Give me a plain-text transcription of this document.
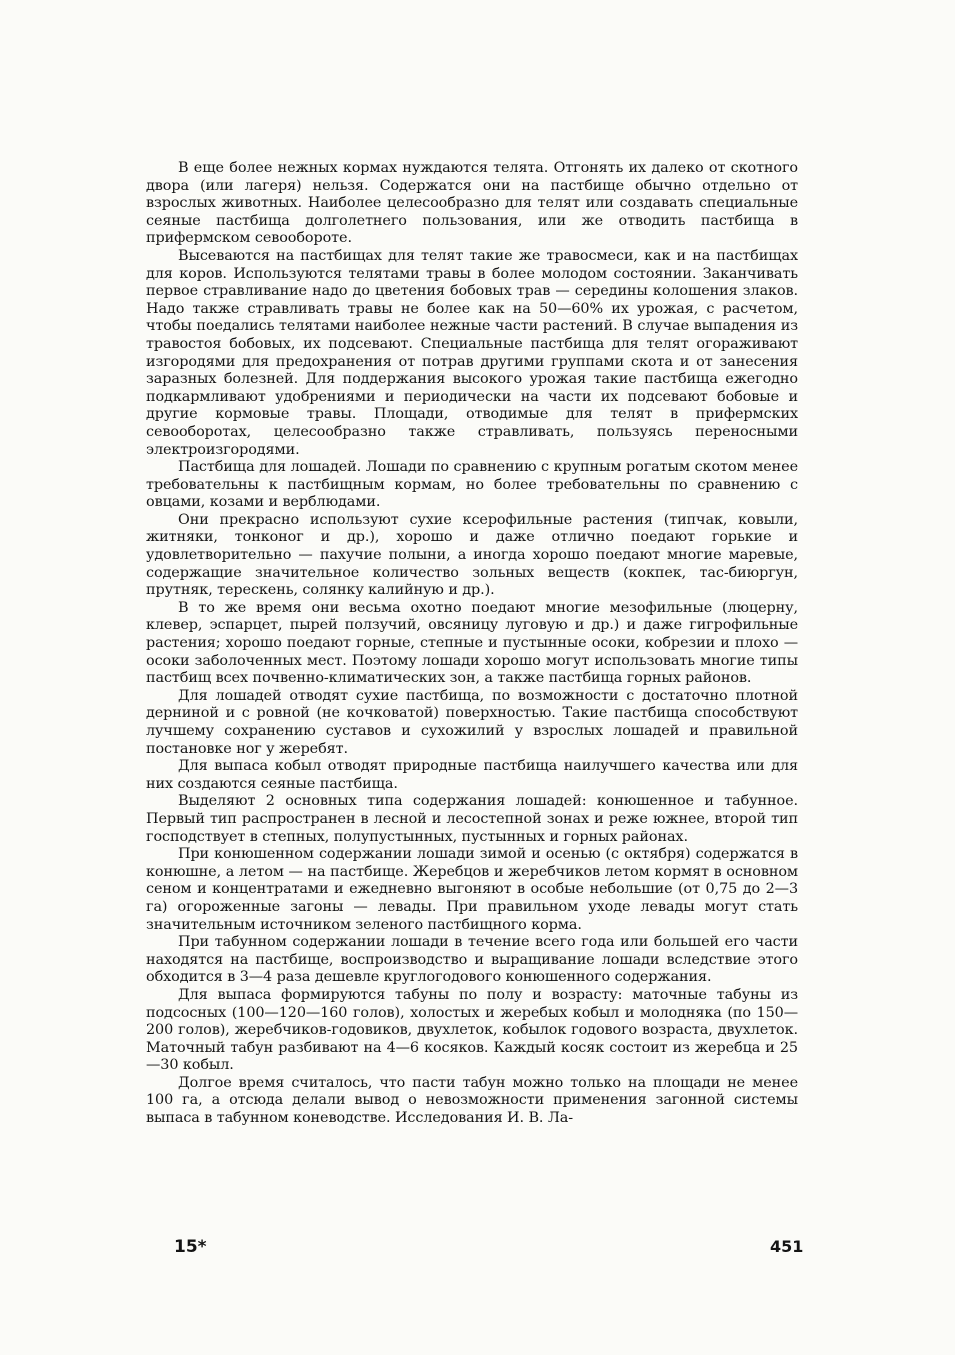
В еще более нежных кормах нуждаются телята. Отгонять их далеко от скотного двора (или лагеря) нельзя. Содержатся они на пастбище обычно отдельно от взрослых животных. Наиболее целесообразно для телят или создавать специальные сеяные пастбища долголетнего пользования, или же отводить пастбища в прифермском севообороте.

Высеваются на пастбищах для телят такие же травосмеси, как и на пастбищах для коров. Используются телятами травы в более молодом состоянии. Заканчивать первое стравливание надо до цветения бобовых трав — середины колошения злаков. Надо также стравливать травы не более как на 50—60% их урожая, с расчетом, чтобы поедались телятами наиболее нежные части растений. В случае выпадения из травостоя бобовых, их подсевают. Специальные пастбища для телят огораживают изгородями для предохранения от потрав другими группами скота и от занесения заразных болезней. Для поддержания высокого урожая такие пастбища ежегодно подкармливают удобрениями и периодически на части их подсевают бобовые и другие кормовые травы. Площади, отводимые для телят в прифермских севооборотах, целесообразно также стравливать, пользуясь переносными электроизгородями.

Пастбища для лошадей. Лошади по сравнению с крупным рогатым скотом менее требовательны к пастбищным кормам, но более требовательны по сравнению с овцами, козами и верблюдами.

Они прекрасно используют сухие ксерофильные растения (типчак, ковыли, житняки, тонконог и др.), хорошо и даже отлично поедают горькие и удовлетворительно — пахучие полыни, а иногда хорошо поедают многие маревые, содержащие значительное количество зольных веществ (кокпек, тас-биюргун, прутняк, терескень, солянку калийную и др.).

В то же время они весьма охотно поедают многие мезофильные (люцерну, клевер, эспарцет, пырей ползучий, овсяницу луговую и др.) и даже гигрофильные растения; хорошо поедают горные, степные и пустынные осоки, кобрезии и плохо — осоки заболоченных мест. Поэтому лошади хорошо могут использовать многие типы пастбищ всех почвенно-климатических зон, а также пастбища горных районов.

Для лошадей отводят сухие пастбища, по возможности с достаточно плотной дерниной и с ровной (не кочковатой) поверхностью. Такие пастбища способствуют лучшему сохранению суставов и сухожилий у взрослых лошадей и правильной постановке ног у жеребят.

Для выпаса кобыл отводят природные пастбища наилучшего качества или для них создаются сеяные пастбища.

Выделяют 2 основных типа содержания лошадей: конюшенное и табунное. Первый тип распространен в лесной и лесостепной зонах и реже южнее, второй тип господствует в степных, полупустынных, пустынных и горных районах.

При конюшенном содержании лошади зимой и осенью (с октября) содержатся в конюшне, а летом — на пастбище. Жеребцов и жеребчиков летом кормят в основном сеном и концентратами и ежедневно выгоняют в особые небольшие (от 0,75 до 2—3 га) огороженные загоны — левады. При правильном уходе левады могут стать значительным источником зеленого пастбищного корма.

При табунном содержании лошади в течение всего года или большей его части находятся на пастбище, воспроизводство и выращивание лошади вследствие этого обходится в 3—4 раза дешевле круглогодового конюшенного содержания.

Для выпаса формируются табуны по полу и возрасту: маточные табуны из подсосных (100—120—160 голов), холостых и жеребых кобыл и молодняка (по 150—200 голов), жеребчиков-годовиков, двухлеток, кобылок годового возраста, двухлеток. Маточный табун разбивают на 4—6 косяков. Каждый косяк состоит из жеребца и 25—30 кобыл.

Долгое время считалось, что пасти табун можно только на площади не менее 100 га, а отсюда делали вывод о невозможности применения загонной системы выпаса в табунном коневодстве. Исследования И. В. Ла-

15*	451
